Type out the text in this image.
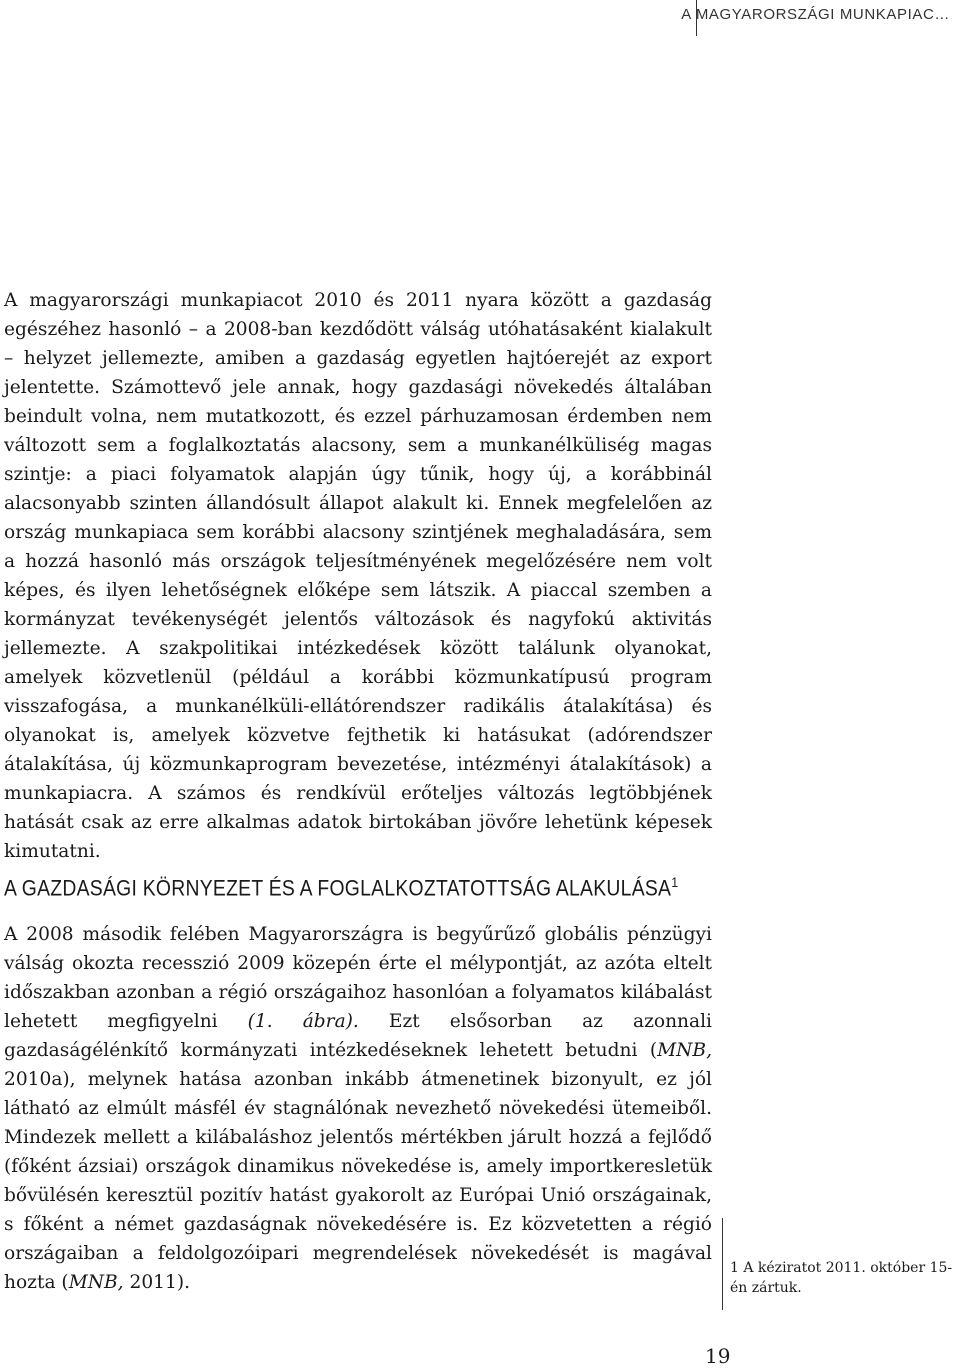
A MAGYARORSZÁGI MUNKAPIAC…

A magyarországi munkapiacot 2010 és 2011 nyara között a gazdaság egészéhez hasonló – a 2008-ban kezdődött válság utóhatásaként kialakult – helyzet jellemezte, amiben a gazdaság egyetlen hajtóerejét az export jelentette. Számottevő jele annak, hogy gazdasági növekedés általában beindult volna, nem mutatkozott, és ezzel párhuzamosan érdemben nem változott sem a foglalkoztatás alacsony, sem a munkanélküliség magas szintje: a piaci folyamatok alapján úgy tűnik, hogy új, a korábbinál alacsonyabb szinten állandósult állapot alakult ki. Ennek megfelelően az ország munkapiaca sem korábbi alacsony szintjének meghaladására, sem a hozzá hasonló más országok teljesítményének megelőzésére nem volt képes, és ilyen lehetőségnek előképe sem látszik. A piaccal szemben a kormányzat tevékenységét jelentős változások és nagyfokú aktivitás jellemezte. A szakpolitikai intézkedések között találunk olyanokat, amelyek közvetlenül (például a korábbi közmunkatípusú program visszafogása, a munkanélküli-ellátórendszer radikális átalakítása) és olyanokat is, amelyek közvetve fejthetik ki hatásukat (adórendszer átalakítása, új közmunkaprogram bevezetése, intézményi átalakítások) a munkapiacra. A számos és rendkívül erőteljes változás legtöbbjének hatását csak az erre alkalmas adatok birtokában jövőre lehetünk képesek kimutatni.

A GAZDASÁGI KÖRNYEZET ÉS A FOGLALKOZTATOTTSÁG ALAKULÁSA$^1$

A 2008 második felében Magyarországra is begyűrűző globális pénzügyi válság okozta recesszió 2009 közepén érte el mélypontját, az azóta eltelt időszakban azonban a régió országaihoz hasonlóan a folyamatos kilábalást lehetett megfigyelni (1. ábra). Ezt elsősorban az azonnali gazdaságélénkítő kormányzati intézkedéseknek lehetett betudni (MNB, 2010a), melynek hatása azonban inkább átmenetinek bizonyult, ez jól látható az elmúlt másfél év stagnálónak nevezhető növekedési ütemeiből. Mindezek mellett a kilábaláshoz jelentős mértékben járult hozzá a fejlődő (főként ázsiai) országok dinamikus növekedése is, amely importkeresletük bővülésén keresztül pozitív hatást gyakorolt az Európai Unió országainak, s főként a német gazdaságnak növekedésére is. Ez közvetetten a régió országaiban a feldolgozóipari megrendelések növekedését is magával hozta (MNB, 2011).

1 A kéziratot 2011. október 15-én zártuk.
19
